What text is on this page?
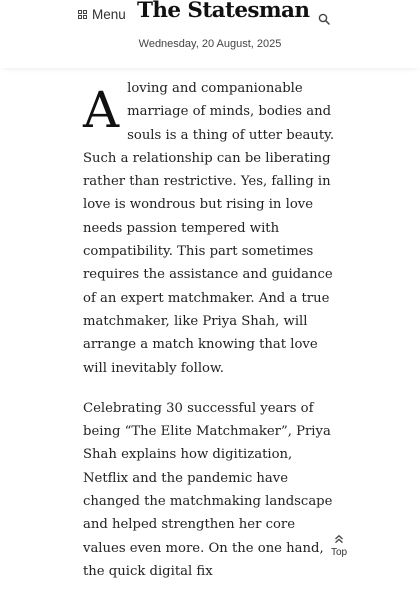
Menu The Statesman
Wednesday, 20 August, 2025

A loving and companionable marriage of minds, bodies and souls is a thing of utter beauty. Such a relationship can be liberating rather than restrictive. Yes, falling in love is wondrous but rising in love needs passion tempered with compatibility. This part sometimes requires the assistance and guidance of an expert matchmaker. And a true matchmaker, like Priya Shah, will arrange a match knowing that love will inevitably follow.

Celebrating 30 successful years of being “The Elite Matchmaker”, Priya Shah explains how digitization, Netflix and the pandemic have changed the matchmaking landscape and helped strengthen her core values even more. On the one hand, the quick digital fix

Top
